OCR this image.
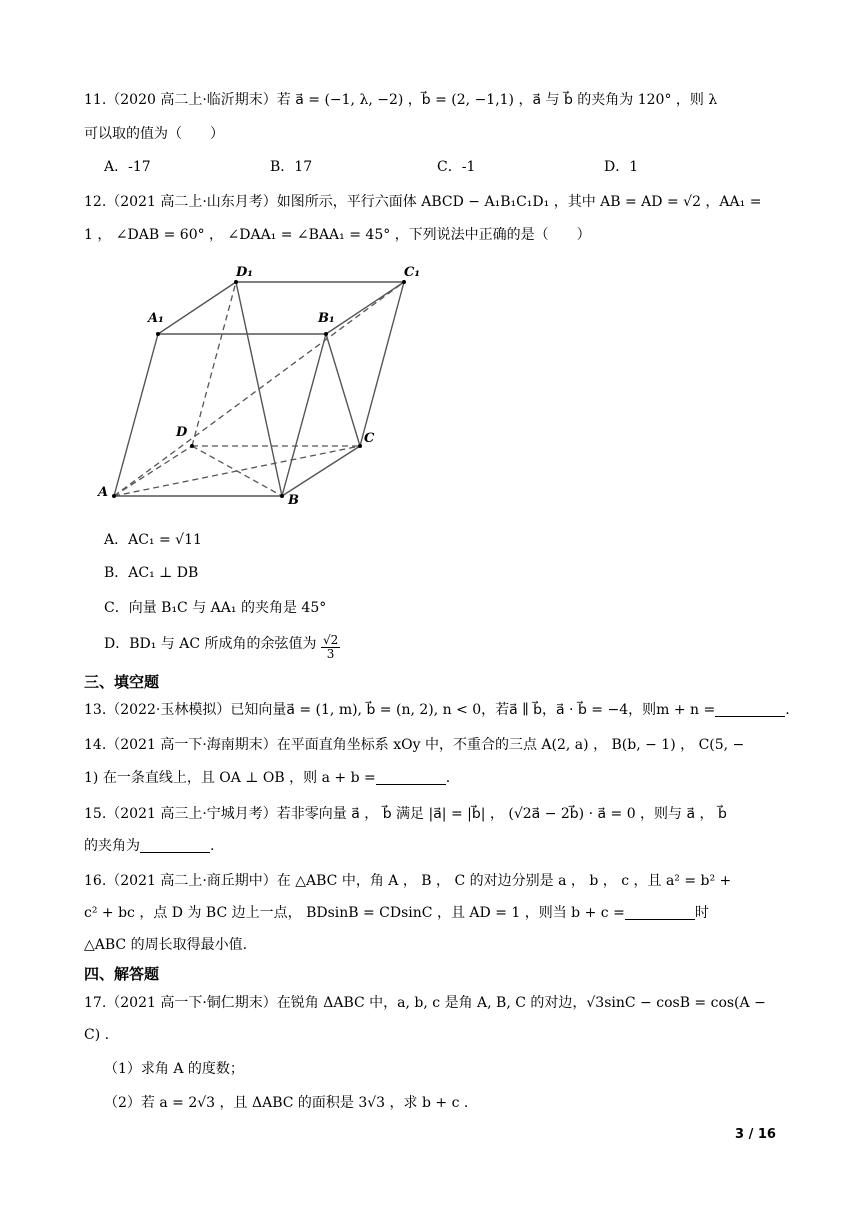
11.（2020 高二上·临沂期末）若 a⃗ = (−1, λ, −2) ，b⃗ = (2, −1,1) ，a⃗ 与 b⃗ 的夹角为 120° ，则 λ
可以取的值为（　　）
A．-17	B．17	C．-1	D．1
12.（2021 高二上·山东月考）如图所示，平行六面体 ABCD − A₁B₁C₁D₁ ，其中 AB = AD = √2 ，AA₁ =
1 ， ∠DAB = 60° ， ∠DAA₁ = ∠BAA₁ = 45° ，下列说法中正确的是（　　）
A
B
C
D
A₁	B₁
C₁
D₁
A．AC₁ = √11
B．AC₁ ⊥ DB
C．向量 B₁C 与 AA₁ 的夹角是 45°
D．BD₁ 与 AC 所成角的余弦值为 $\frac{√2}{3}$
三、填空题
13.（2022·玉林模拟）已知向量a⃗ = (1, m), b⃗ = (n, 2), n < 0，若a⃗ ∥ b⃗，a⃗ · b⃗ = −4，则m + n =	.
14.（2021 高一下·海南期末）在平面直角坐标系 xOy 中，不重合的三点 A(2, a) ， B(b, − 1) ， C(5, −
1) 在一条直线上，且 OA ⊥ OB ，则 a + b =	.
15.（2021 高三上·宁城月考）若非零向量 a⃗ ， b⃗ 满足 |a⃗| = |b⃗| ， (√2a⃗ − 2b⃗) · a⃗ = 0 ，则与 a⃗ ， b⃗
的夹角为	.
16.（2021 高二上·商丘期中）在 △ABC 中，角 A ， B ， C 的对边分别是 a ， b ， c ，且 a² = b² +
c² + bc ，点 D 为 BC 边上一点， BDsinB = CDsinC ，且 AD = 1 ，则当 b + c =	时
△ABC 的周长取得最小值.
四、解答题
17.（2021 高一下·铜仁期末）在锐角 ΔABC 中，a, b, c 是角 A, B, C 的对边，√3sinC − cosB = cos(A −
C) .
（1）求角 A 的度数；
（2）若 a = 2√3 ，且 ΔABC 的面积是 3√3 ，求 b + c .
3 / 16
